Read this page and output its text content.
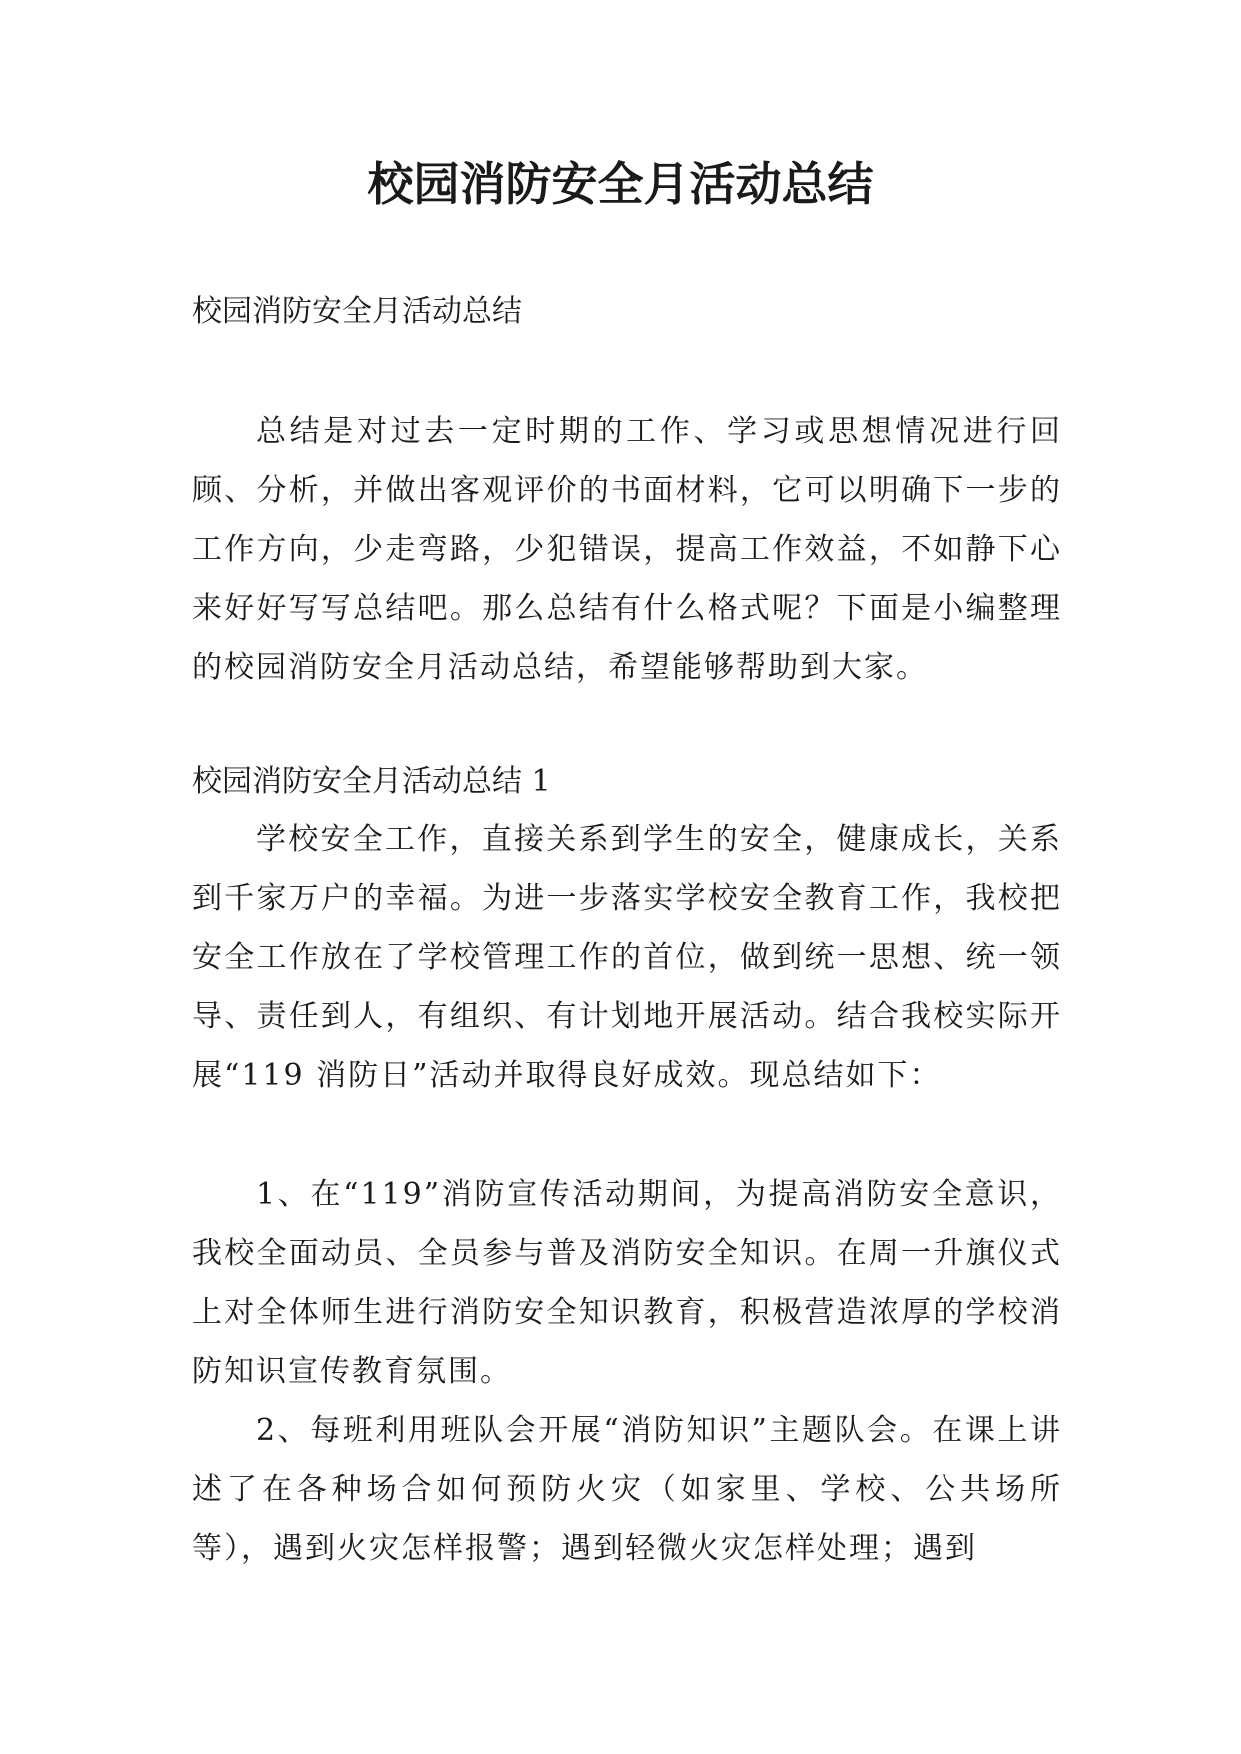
校园消防安全月活动总结

校园消防安全月活动总结

总结是对过去一定时期的工作、学习或思想情况进行回顾、分析，并做出客观评价的书面材料，它可以明确下一步的工作方向，少走弯路，少犯错误，提高工作效益，不如静下心来好好写写总结吧。那么总结有什么格式呢？下面是小编整理的校园消防安全月活动总结，希望能够帮助到大家。

校园消防安全月活动总结 1

学校安全工作，直接关系到学生的安全，健康成长，关系到千家万户的幸福。为进一步落实学校安全教育工作，我校把安全工作放在了学校管理工作的首位，做到统一思想、统一领导、责任到人，有组织、有计划地开展活动。结合我校实际开展“119 消防日”活动并取得良好成效。现总结如下：

1、在“119”消防宣传活动期间，为提高消防安全意识，我校全面动员、全员参与普及消防安全知识。在周一升旗仪式上对全体师生进行消防安全知识教育，积极营造浓厚的学校消防知识宣传教育氛围。

2、每班利用班队会开展“消防知识”主题队会。在课上讲述了在各种场合如何预防火灾（如家里、学校、公共场所等），遇到火灾怎样报警；遇到轻微火灾怎样处理；遇到
